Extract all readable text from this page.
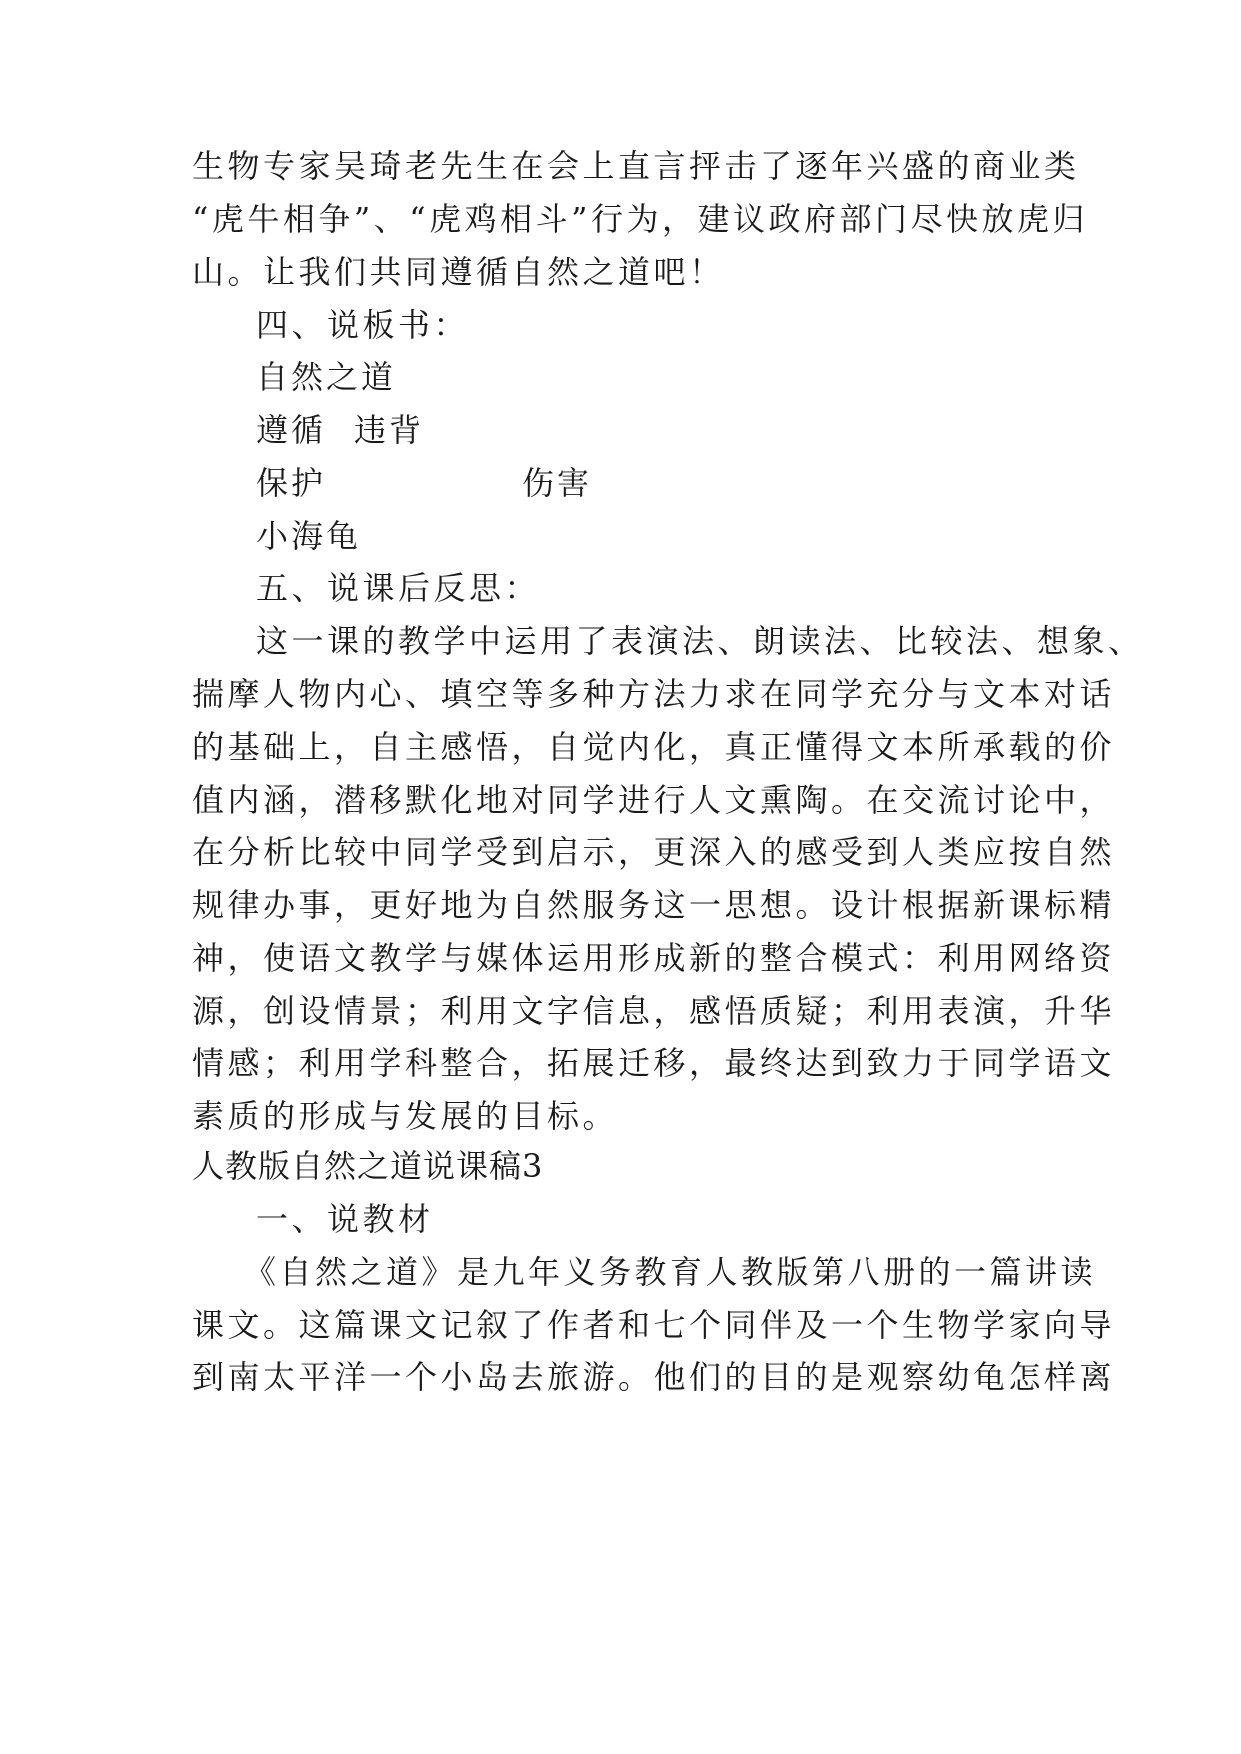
生物专家吴琦老先生在会上直言抨击了逐年兴盛的商业类
“虎牛相争”、“虎鸡相斗”行为，建议政府部门尽快放虎归
山。让我们共同遵循自然之道吧！
四、说板书：
自然之道
遵循 违背
保护	伤害
小海龟
五、说课后反思：
这一课的教学中运用了表演法、朗读法、比较法、想象、
揣摩人物内心、填空等多种方法力求在同学充分与文本对话
的基础上，自主感悟，自觉内化，真正懂得文本所承载的价
值内涵，潜移默化地对同学进行人文熏陶。在交流讨论中，
在分析比较中同学受到启示，更深入的感受到人类应按自然
规律办事，更好地为自然服务这一思想。设计根据新课标精
神，使语文教学与媒体运用形成新的整合模式：利用网络资
源，创设情景；利用文字信息，感悟质疑；利用表演，升华
情感；利用学科整合，拓展迁移，最终达到致力于同学语文
素质的形成与发展的目标。
人教版自然之道说课稿3
一、说教材
《自然之道》是九年义务教育人教版第八册的一篇讲读
课文。这篇课文记叙了作者和七个同伴及一个生物学家向导
到南太平洋一个小岛去旅游。他们的目的是观察幼龟怎样离
